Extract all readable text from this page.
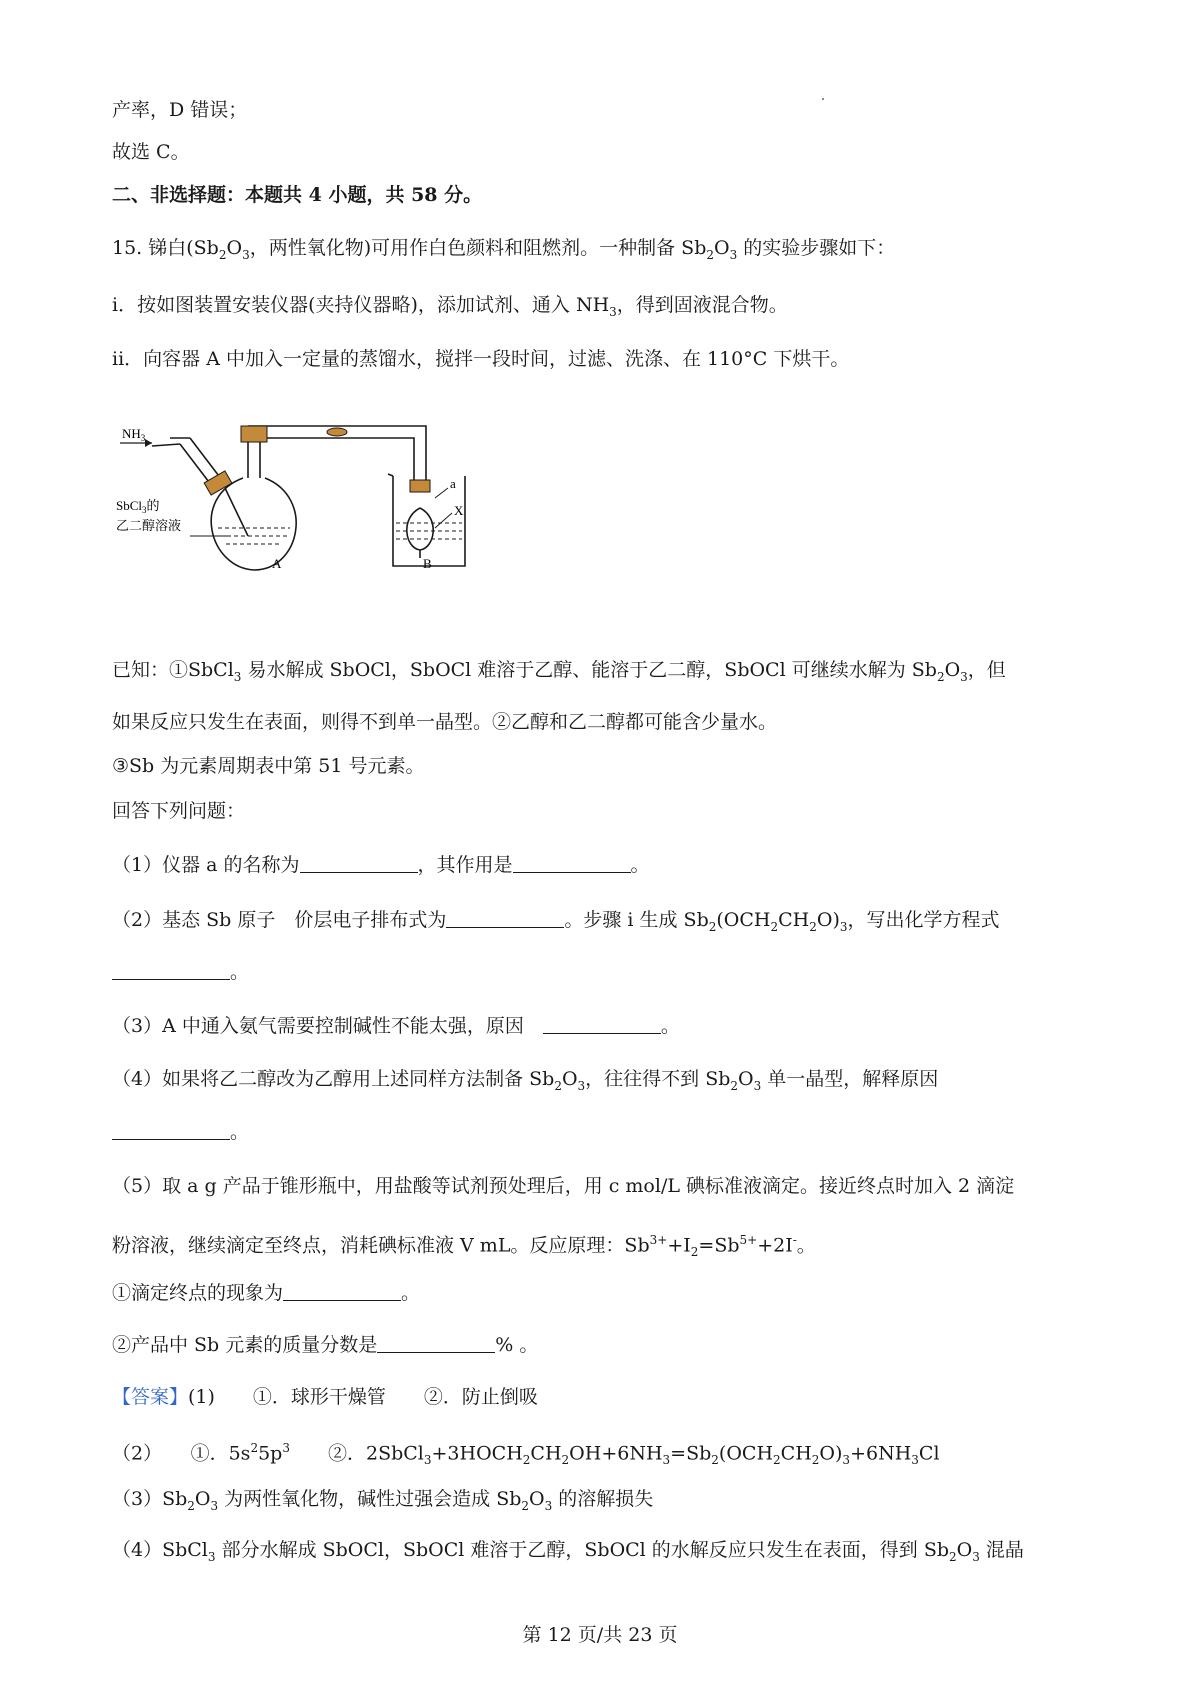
产率，D 错误；
故选 C。
二、非选择题：本题共 4 小题，共 58 分。
15. 锑白($Sb_2O_3$，两性氧化物)可用作白色颜料和阻燃剂。一种制备 $Sb_2O_3$ 的实验步骤如下：
i．按如图装置安装仪器(夹持仪器略)，添加试剂、通入 $NH_3$，得到固液混合物。
ii．向容器 A 中加入一定量的蒸馏水，搅拌一段时间，过滤、洗涤、在 110°C 下烘干。
$NH_3$
SbCl$_3$的
乙二醇溶液
A	B
a
X
已知：①SbCl$_3$ 易水解成 SbOCl，SbOCl 难溶于乙醇、能溶于乙二醇，SbOCl 可继续水解为 $Sb_2O_3$，但
如果反应只发生在表面，则得不到单一晶型。②乙醇和乙二醇都可能含少量水。
③Sb 为元素周期表中第 51 号元素。
回答下列问题：
（1）仪器 a 的名称为	，其作用是	。
（2）基态 Sb 原子　价层电子排布式为	。步骤 i 生成 $Sb_2(OCH_2CH_2O)_3$，写出化学方程式
。
（3）A 中通入氨气需要控制碱性不能太强，原因　	。
（4）如果将乙二醇改为乙醇用上述同样方法制备 $Sb_2O_3$，往往得不到 $Sb_2O_3$ 单一晶型，解释原因
。
（5）取 a g 产品于锥形瓶中，用盐酸等试剂预处理后，用 c mol/L 碘标准液滴定。接近终点时加入 2 滴淀
粉溶液，继续滴定至终点，消耗碘标准液 V mL。反应原理：$Sb^{3+}+I_2=Sb^{5+}+2I^-$。
①滴定终点的现象为	。
②产品中 Sb 元素的质量分数是	% 。
【答案】(1)　　①．球形干燥管　　②．防止倒吸
（2）　　①．$5s^25p^3$　　②．$2SbCl_3+3HOCH_2CH_2OH+6NH_3=Sb_2(OCH_2CH_2O)_3+6NH_3Cl$
$(3)Sb_2O_3$ 为两性氧化物，碱性过强会造成 $Sb_2O_3$ 的溶解损失
（4）SbCl$_3$ 部分水解成 SbOCl，SbOCl 难溶于乙醇，SbOCl 的水解反应只发生在表面，得到 $Sb_2O_3$ 混晶
第 12 页/共 23 页
